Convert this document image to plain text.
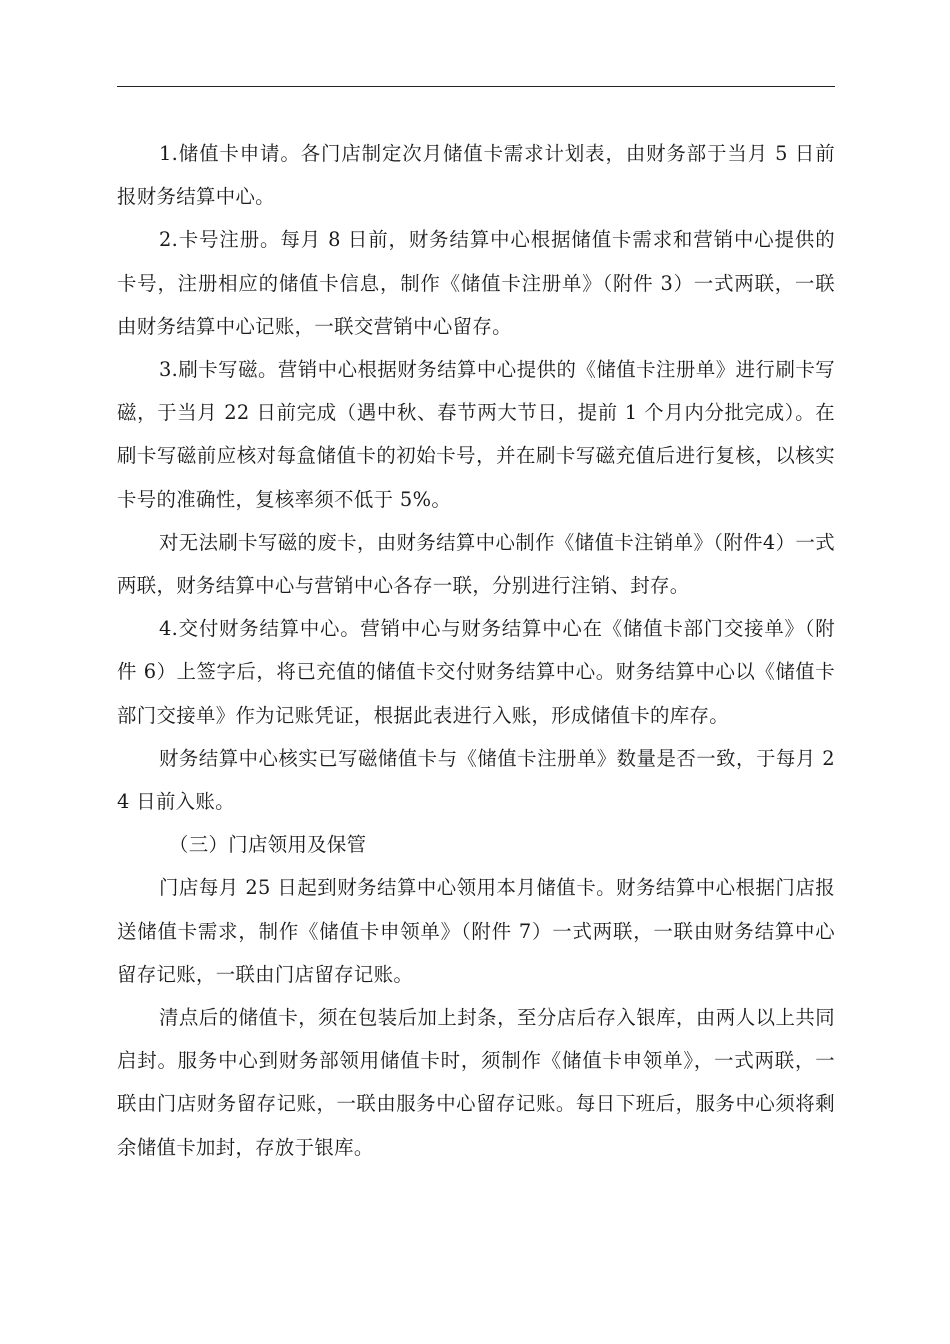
1.储值卡申请。各门店制定次月储值卡需求计划表，由财务部于当月 5 日前报财务结算中心。

2.卡号注册。每月 8 日前，财务结算中心根据储值卡需求和营销中心提供的卡号，注册相应的储值卡信息，制作《储值卡注册单》（附件 3）一式两联，一联由财务结算中心记账，一联交营销中心留存。

3.刷卡写磁。营销中心根据财务结算中心提供的《储值卡注册单》进行刷卡写磁，于当月 22 日前完成（遇中秋、春节两大节日，提前 1 个月内分批完成）。在刷卡写磁前应核对每盒储值卡的初始卡号，并在刷卡写磁充值后进行复核，以核实卡号的准确性，复核率须不低于 5%。

对无法刷卡写磁的废卡，由财务结算中心制作《储值卡注销单》（附件4）一式两联，财务结算中心与营销中心各存一联，分别进行注销、封存。

4.交付财务结算中心。营销中心与财务结算中心在《储值卡部门交接单》（附件 6）上签字后，将已充值的储值卡交付财务结算中心。财务结算中心以《储值卡部门交接单》作为记账凭证，根据此表进行入账，形成储值卡的库存。

财务结算中心核实已写磁储值卡与《储值卡注册单》数量是否一致，于每月 24 日前入账。

（三）门店领用及保管

门店每月 25 日起到财务结算中心领用本月储值卡。财务结算中心根据门店报送储值卡需求，制作《储值卡申领单》（附件 7）一式两联，一联由财务结算中心留存记账，一联由门店留存记账。

清点后的储值卡，须在包装后加上封条，至分店后存入银库，由两人以上共同启封。服务中心到财务部领用储值卡时，须制作《储值卡申领单》，一式两联，一联由门店财务留存记账，一联由服务中心留存记账。每日下班后，服务中心须将剩余储值卡加封，存放于银库。
